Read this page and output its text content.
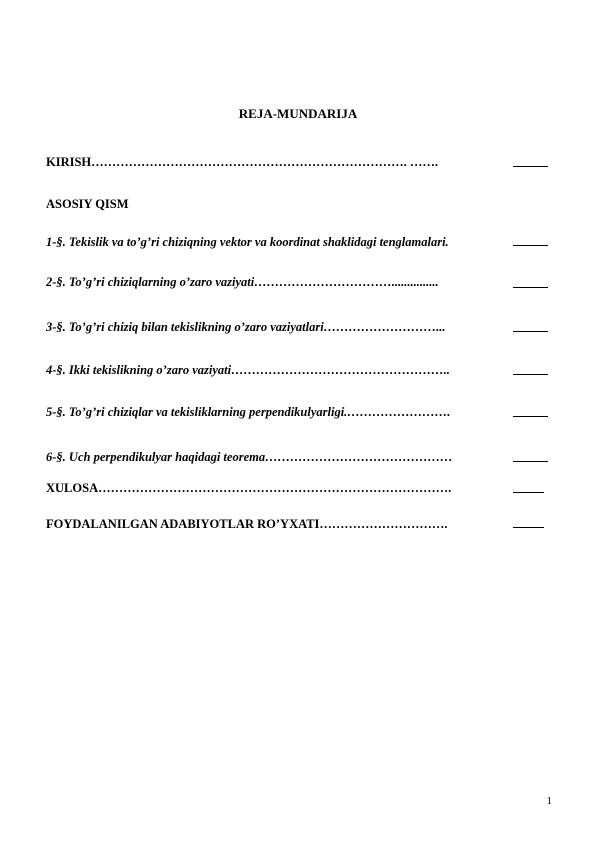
REJA-MUNDARIJA
KIRISH…………………………………………………………………. …….
ASOSIY QISM
1-§. Tekislik va to’g’ri chiziqning vektor va koordinat shaklidagi tenglamalari.
2-§. To’g’ri chiziqlarning o’zaro vaziyati……………………………...............
3-§. To’g’ri chiziq bilan tekislikning o’zaro vaziyatlari………………………...
4-§. Ikki tekislikning o’zaro vaziyati……………………………………………..
5-§. To’g’ri chiziqlar va tekisliklarning perpendikulyarligi.…………………….
6-§. Uch perpendikulyar haqidagi teorema………………………………………
XULOSA………………………………………………………………………….
FOYDALANILGAN ADABIYOTLAR RO’YXATI………………………….
1
